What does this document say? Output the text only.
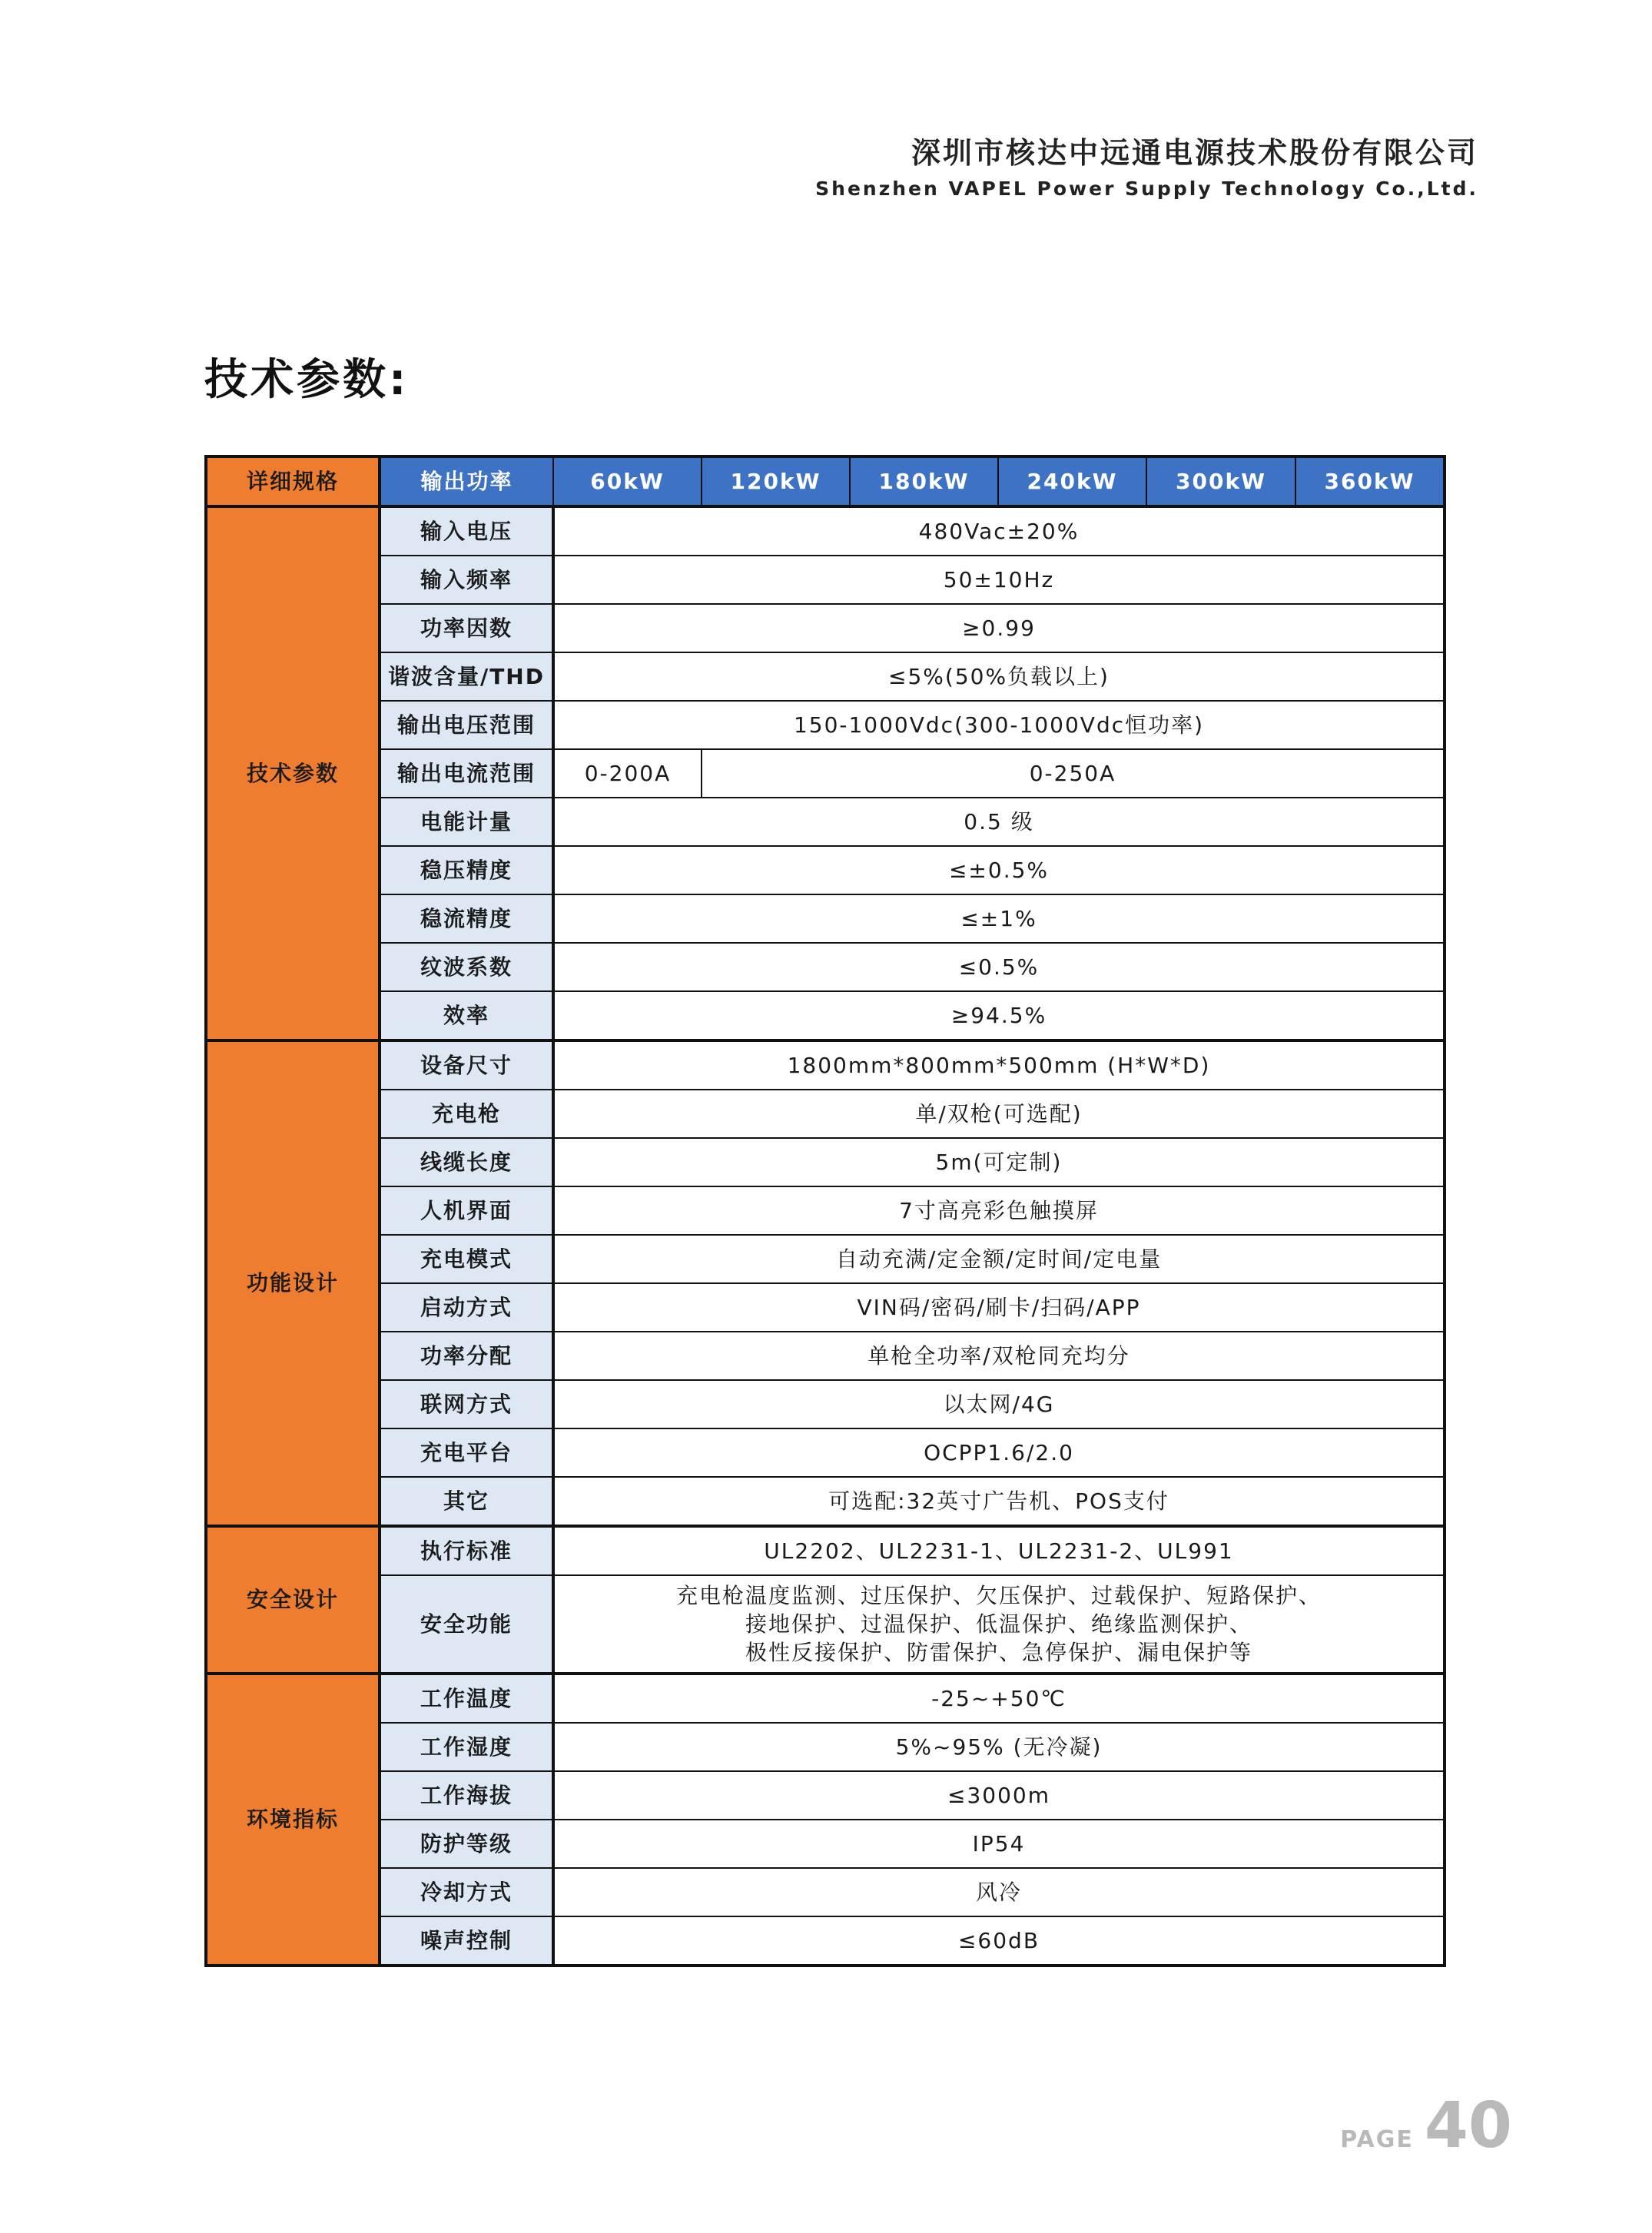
深圳市核达中远通电源技术股份有限公司
Shenzhen VAPEL Power Supply Technology Co.,Ltd.
技术参数:
详细规格	输出功率	60kW	120kW	180kW	240kW	300kW	360kW
技术参数	输入电压	480Vac±20%					
	输入频率	50±10Hz					
	功率因数	≥0.99					
	谐波含量/THD	≤5%(50%负载以上)					
	输出电压范围	150-1000Vdc(300-1000Vdc恒功率)					
	输出电流范围	0-200A	0-250A				
	电能计量	0.5 级					
	稳压精度	≤±0.5%					
	稳流精度	≤±1%					
	纹波系数	≤0.5%					
	效率	≥94.5%					
功能设计	设备尺寸	1800mm*800mm*500mm (H*W*D)					
	充电枪	单/双枪(可选配)					
	线缆长度	5m(可定制)					
	人机界面	7寸高亮彩色触摸屏					
	充电模式	自动充满/定金额/定时间/定电量					
	启动方式	VIN码/密码/刷卡/扫码/APP					
	功率分配	单枪全功率/双枪同充均分					
	联网方式	以太网/4G					
	充电平台	OCPP1.6/2.0					
	其它	可选配:32英寸广告机、POS支付					
安全设计	执行标准	UL2202、UL2231-1、UL2231-2、UL991					
	安全功能	充电枪温度监测、过压保护、欠压保护、过载保护、短路保护、
接地保护、过温保护、低温保护、绝缘监测保护、
极性反接保护、防雷保护、急停保护、漏电保护等					

环境指标	工作温度	-25~+50℃					
	工作湿度	5%~95% (无冷凝)					
	工作海拔	≤3000m					
	防护等级	IP54					
	冷却方式	风冷					
	噪声控制	≤60dB					
PAGE 40
